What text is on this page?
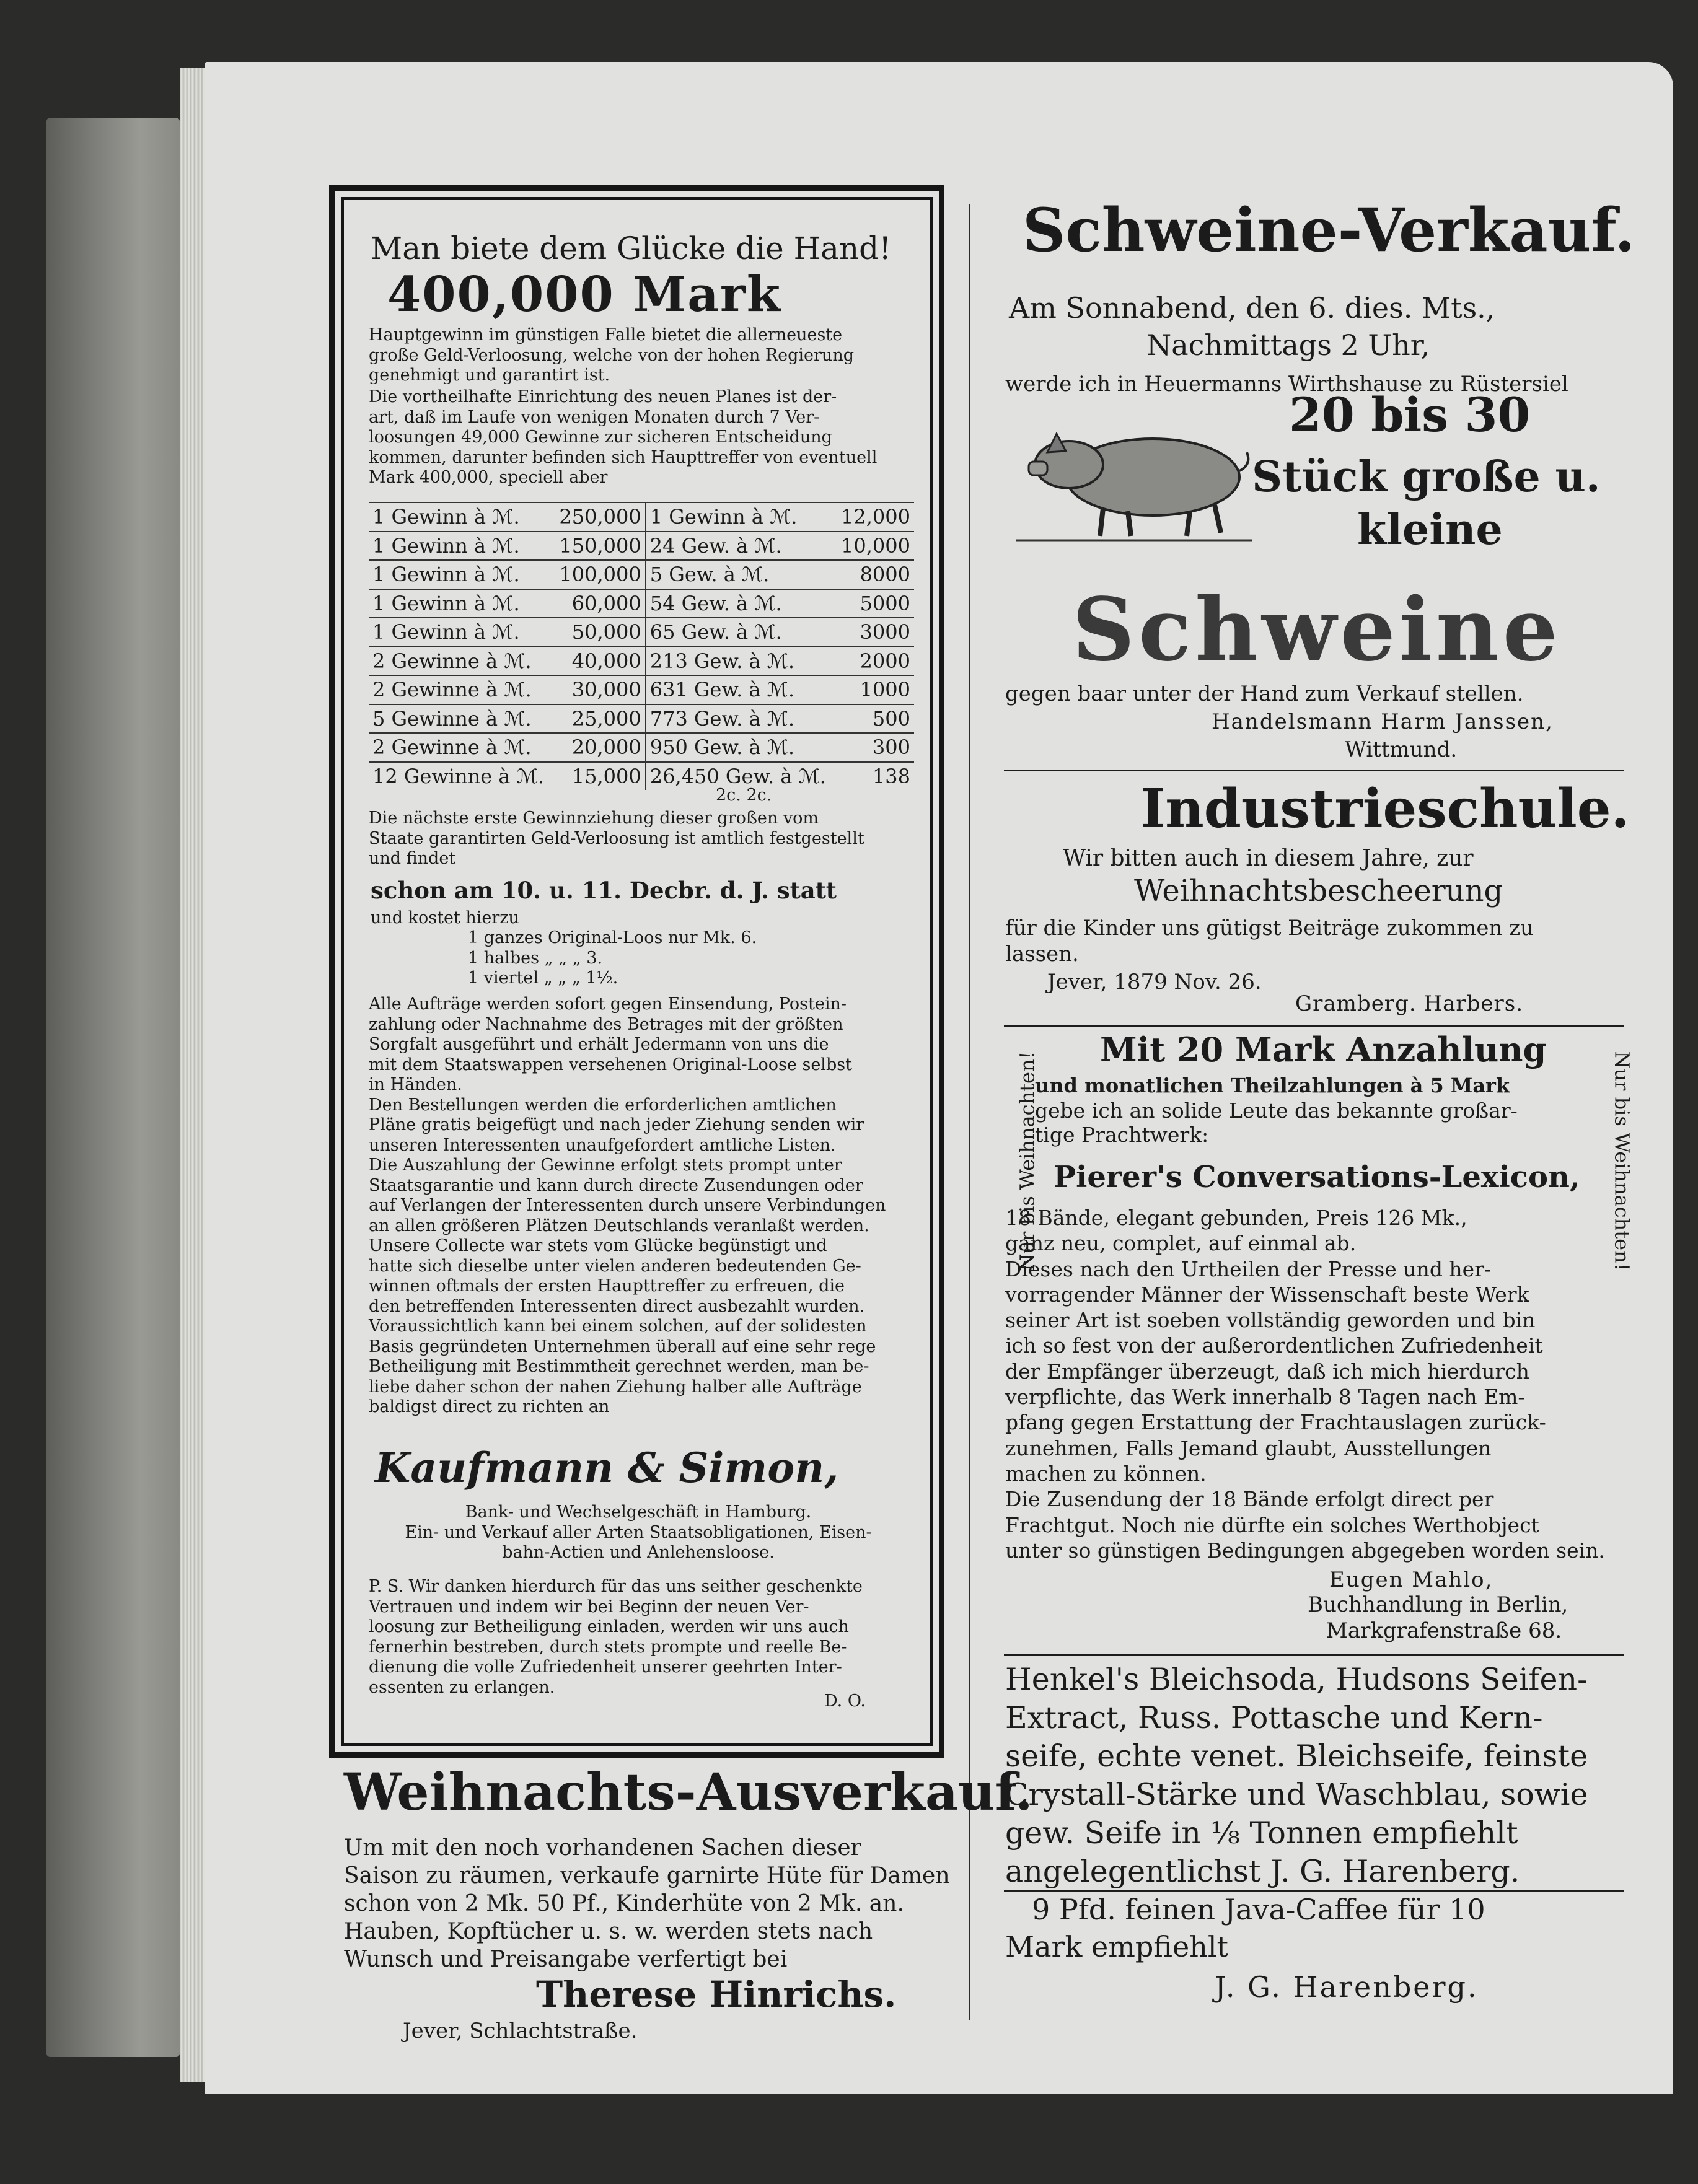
Man biete dem Glücke die Hand!
400,000 Mark
Hauptgewinn im günstigen Falle bietet die allerneueste
große Geld-Verloosung, welche von der hohen Regierung
genehmigt und garantirt ist.
Die vortheilhafte Einrichtung des neuen Planes ist der-
art, daß im Laufe von wenigen Monaten durch 7 Ver-
loosungen 49,000 Gewinne zur sicheren Entscheidung
kommen, darunter befinden sich Haupttreffer von eventuell
Mark 400,000, speciell aber
1 Gewinn à ℳ.	250,000	1 Gewinn à ℳ.	12,000
1 Gewinn à ℳ.	150,000	24 Gew. à ℳ.	10,000
1 Gewinn à ℳ.	100,000	5 Gew. à ℳ.	8000
1 Gewinn à ℳ.	60,000	54 Gew. à ℳ.	5000
1 Gewinn à ℳ.	50,000	65 Gew. à ℳ.	3000
2 Gewinne à ℳ.	40,000	213 Gew. à ℳ.	2000
2 Gewinne à ℳ.	30,000	631 Gew. à ℳ.	1000
5 Gewinne à ℳ.	25,000	773 Gew. à ℳ.	500
2 Gewinne à ℳ.	20,000	950 Gew. à ℳ.	300
12 Gewinne à ℳ.	15,000	26,450 Gew. à ℳ.	138
2c. 2c.
Die nächste erste Gewinnziehung dieser großen vom
Staate garantirten Geld-Verloosung ist amtlich festgestellt
und findet
schon am 10. u. 11. Decbr. d. J. statt
und kostet hierzu
1 ganzes Original-Loos nur Mk. 6.
1 halbes „ „ „ 3.
1 viertel „ „ „ 1½.
Alle Aufträge werden sofort gegen Einsendung, Postein-
zahlung oder Nachnahme des Betrages mit der größten
Sorgfalt ausgeführt und erhält Jedermann von uns die
mit dem Staatswappen versehenen Original-Loose selbst
in Händen.
Den Bestellungen werden die erforderlichen amtlichen
Pläne gratis beigefügt und nach jeder Ziehung senden wir
unseren Interessenten unaufgefordert amtliche Listen.
Die Auszahlung der Gewinne erfolgt stets prompt unter
Staatsgarantie und kann durch directe Zusendungen oder
auf Verlangen der Interessenten durch unsere Verbindungen
an allen größeren Plätzen Deutschlands veranlaßt werden.
Unsere Collecte war stets vom Glücke begünstigt und
hatte sich dieselbe unter vielen anderen bedeutenden Ge-
winnen oftmals der ersten Haupttreffer zu erfreuen, die
den betreffenden Interessenten direct ausbezahlt wurden.
Voraussichtlich kann bei einem solchen, auf der solidesten
Basis gegründeten Unternehmen überall auf eine sehr rege
Betheiligung mit Bestimmtheit gerechnet werden, man be-
liebe daher schon der nahen Ziehung halber alle Aufträge
baldigst direct zu richten an
Kaufmann & Simon,
Bank- und Wechselgeschäft in Hamburg.
Ein- und Verkauf aller Arten Staatsobligationen, Eisen-
bahn-Actien und Anlehensloose.
P. S. Wir danken hierdurch für das uns seither geschenkte
Vertrauen und indem wir bei Beginn der neuen Ver-
loosung zur Betheiligung einladen, werden wir uns auch
fernerhin bestreben, durch stets prompte und reelle Be-
dienung die volle Zufriedenheit unserer geehrten Inter-
essenten zu erlangen.
D. O.
Weihnachts-Ausverkauf.
Um mit den noch vorhandenen Sachen dieser
Saison zu räumen, verkaufe garnirte Hüte für Damen
schon von 2 Mk. 50 Pf., Kinderhüte von 2 Mk. an.
Hauben, Kopftücher u. s. w. werden stets nach
Wunsch und Preisangabe verfertigt bei
Therese Hinrichs.
Jever, Schlachtstraße.
Schweine-Verkauf.
Am Sonnabend, den 6. dies. Mts.,
Nachmittags 2 Uhr,
werde ich in Heuermanns Wirthshause zu Rüstersiel
20 bis 30
Stück große u.
kleine
Schweine
gegen baar unter der Hand zum Verkauf stellen.
Handelsmann Harm Janssen,
Wittmund.
Industrieschule.
Wir bitten auch in diesem Jahre, zur
Weihnachtsbescheerung
für die Kinder uns gütigst Beiträge zukommen zu
lassen.
Jever, 1879 Nov. 26.
Gramberg. Harbers.
Nur bis Weihnachten!	Nur bis Weihnachten!
Mit 20 Mark Anzahlung
und monatlichen Theilzahlungen à 5 Mark
gebe ich an solide Leute das bekannte großar-
tige Prachtwerk:
Pierer's Conversations-Lexicon,
18 Bände, elegant gebunden, Preis 126 Mk.,
ganz neu, complet, auf einmal ab.
Dieses nach den Urtheilen der Presse und her-
vorragender Männer der Wissenschaft beste Werk
seiner Art ist soeben vollständig geworden und bin
ich so fest von der außerordentlichen Zufriedenheit
der Empfänger überzeugt, daß ich mich hierdurch
verpflichte, das Werk innerhalb 8 Tagen nach Em-
pfang gegen Erstattung der Frachtauslagen zurück-
zunehmen, Falls Jemand glaubt, Ausstellungen
machen zu können.
Die Zusendung der 18 Bände erfolgt direct per
Frachtgut. Noch nie dürfte ein solches Werthobject
unter so günstigen Bedingungen abgegeben worden sein.
Eugen Mahlo,
Buchhandlung in Berlin,
Markgrafenstraße 68.
Henkel's Bleichsoda, Hudsons Seifen-
Extract, Russ. Pottasche und Kern-
seife, echte venet. Bleichseife, feinste
Crystall-Stärke und Waschblau, sowie
gew. Seife in ⅛ Tonnen empfiehlt
angelegentlichst J. G. Harenberg.
9 Pfd. feinen Java-Caffee für 10
Mark empfiehlt
J. G. Harenberg.
